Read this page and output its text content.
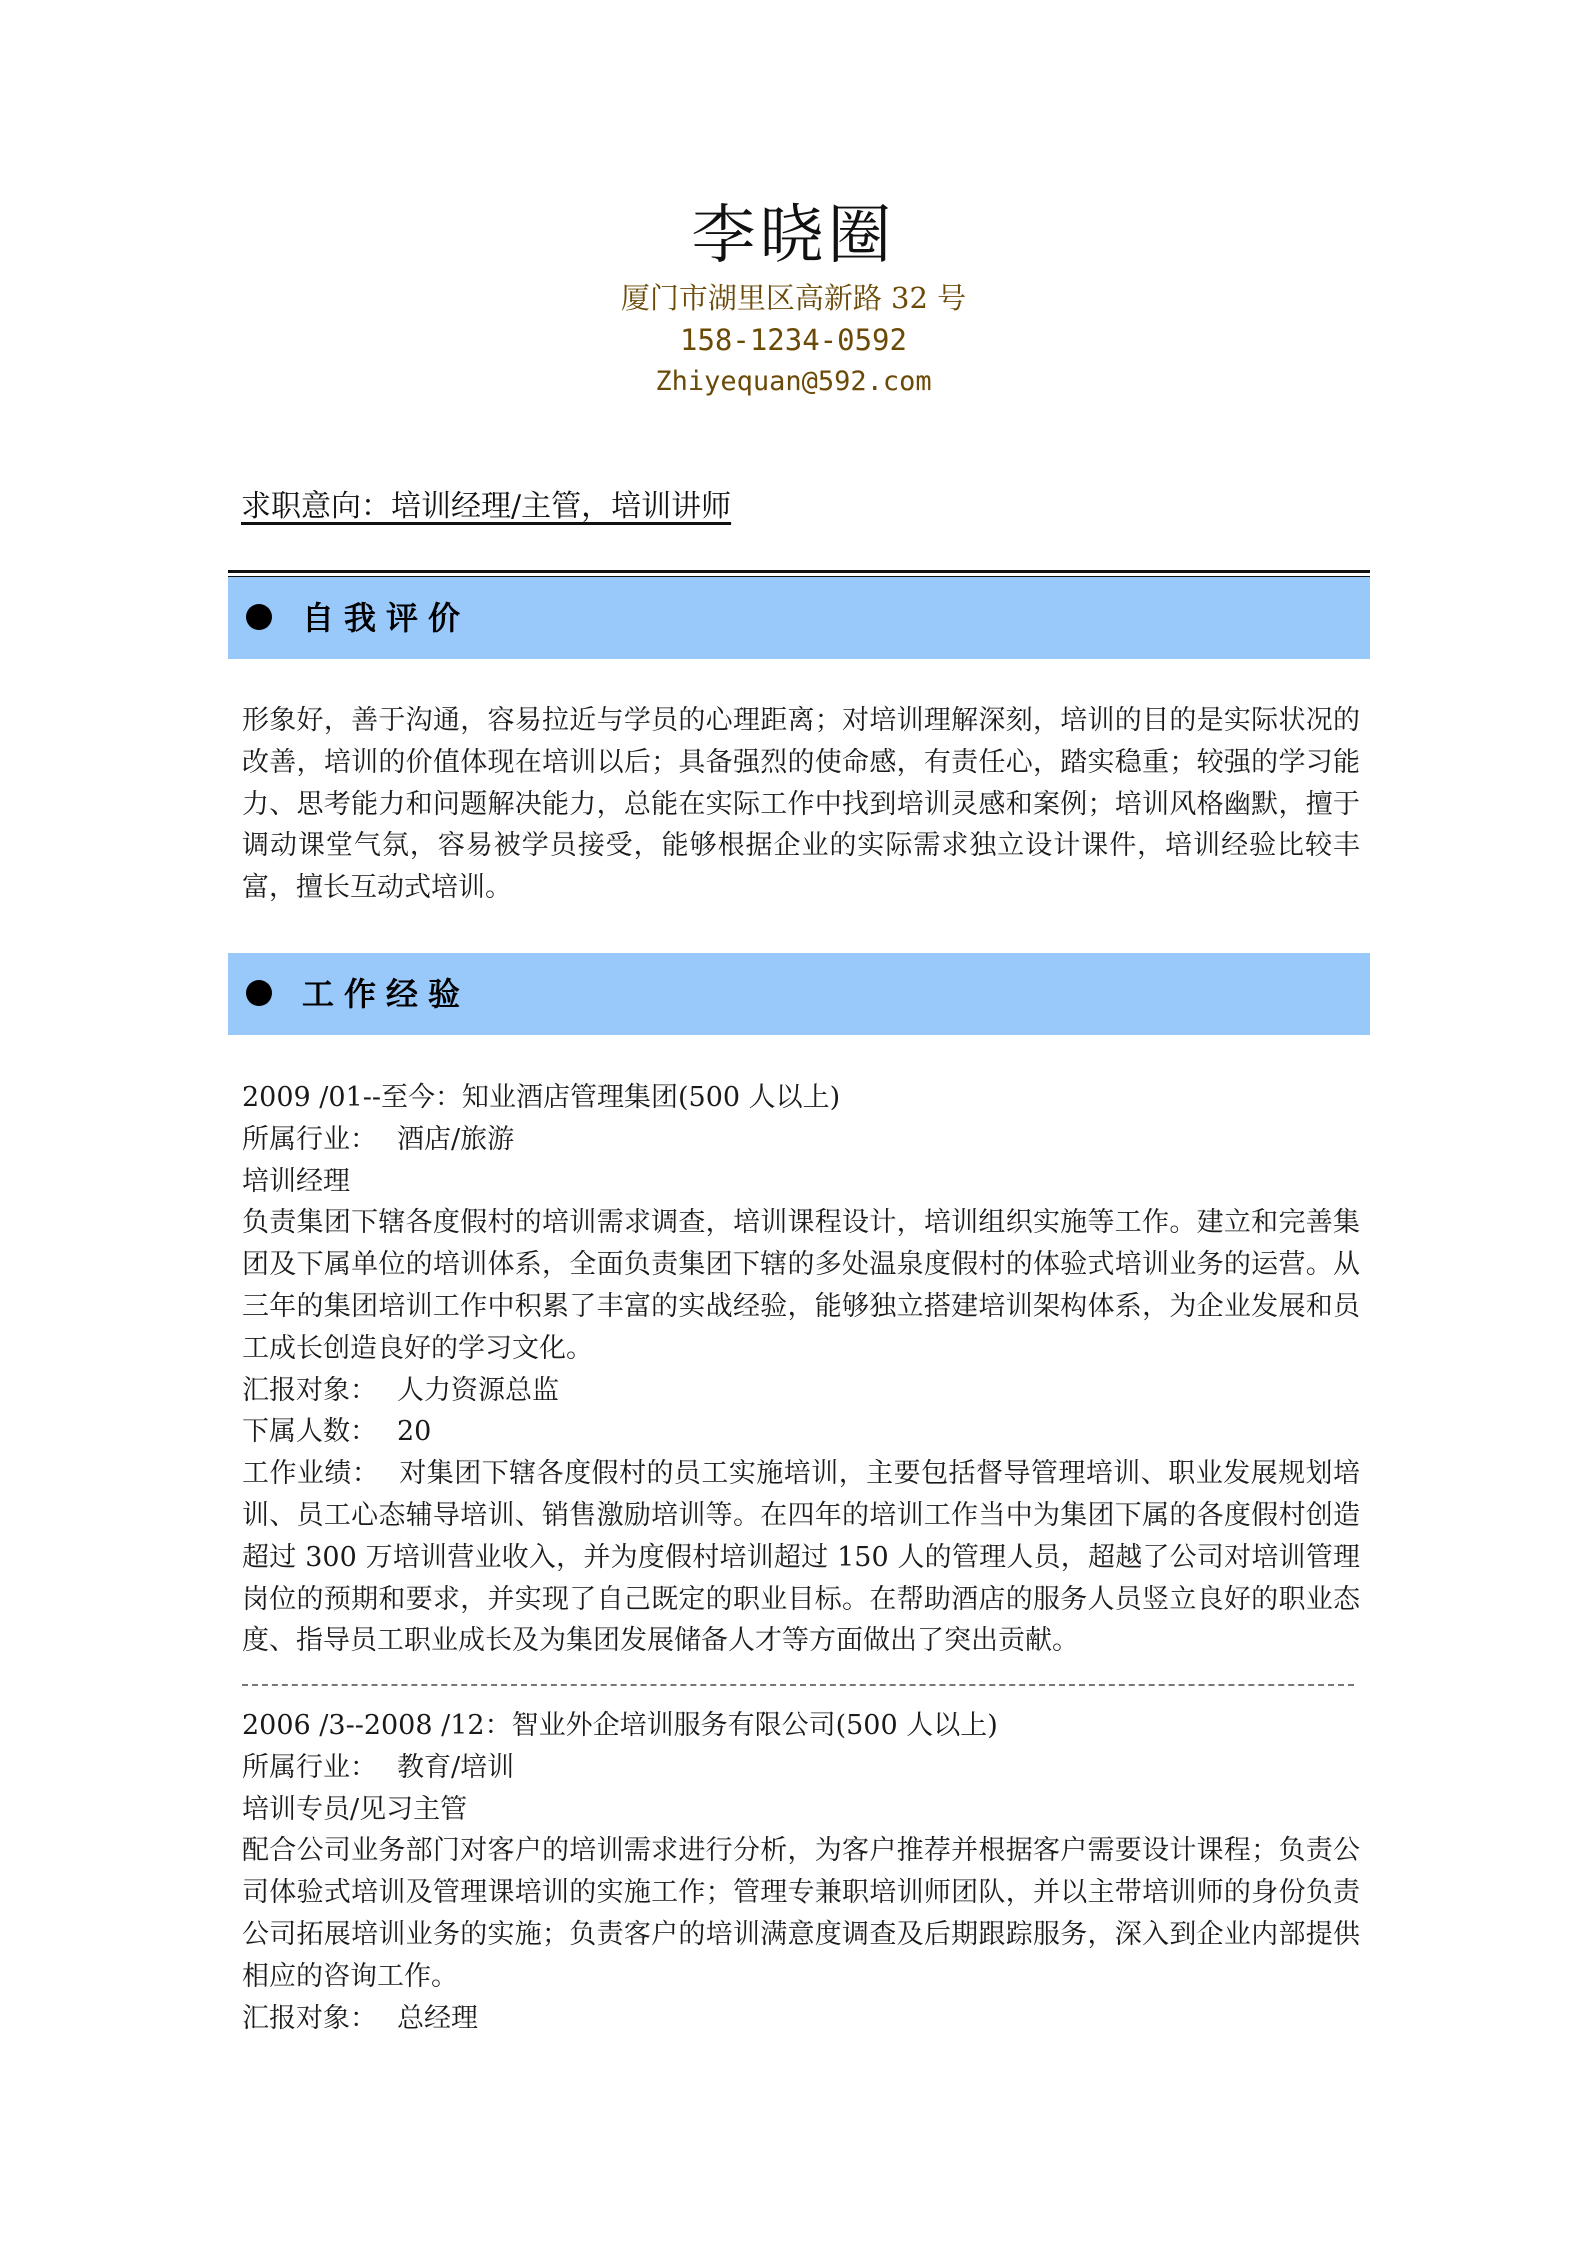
李晓圈
厦门市湖里区高新路 32 号
158-1234-0592
Zhiyequan@592.com
求职意向：培训经理/主管，培训讲师
自我评价
形象好，善于沟通，容易拉近与学员的心理距离；对培训理解深刻，培训的目的是实际状况的改善，培训的价值体现在培训以后；具备强烈的使命感，有责任心，踏实稳重；较强的学习能力、思考能力和问题解决能力，总能在实际工作中找到培训灵感和案例；培训风格幽默，擅于调动课堂气氛，容易被学员接受，能够根据企业的实际需求独立设计课件，培训经验比较丰富，擅长互动式培训。
工作经验
2009 /01--至今：知业酒店管理集团(500 人以上)
所属行业： 酒店/旅游
培训经理
负责集团下辖各度假村的培训需求调查，培训课程设计，培训组织实施等工作。建立和完善集团及下属单位的培训体系，全面负责集团下辖的多处温泉度假村的体验式培训业务的运营。从三年的集团培训工作中积累了丰富的实战经验，能够独立搭建培训架构体系，为企业发展和员工成长创造良好的学习文化。
汇报对象： 人力资源总监
下属人数： 20
工作业绩： 对集团下辖各度假村的员工实施培训，主要包括督导管理培训、职业发展规划培训、员工心态辅导培训、销售激励培训等。在四年的培训工作当中为集团下属的各度假村创造超过 300 万培训营业收入，并为度假村培训超过 150 人的管理人员，超越了公司对培训管理岗位的预期和要求，并实现了自己既定的职业目标。在帮助酒店的服务人员竖立良好的职业态度、指导员工职业成长及为集团发展储备人才等方面做出了突出贡献。
2006 /3--2008 /12：智业外企培训服务有限公司(500 人以上)
所属行业： 教育/培训
培训专员/见习主管
配合公司业务部门对客户的培训需求进行分析，为客户推荐并根据客户需要设计课程；负责公司体验式培训及管理课培训的实施工作；管理专兼职培训师团队，并以主带培训师的身份负责公司拓展培训业务的实施；负责客户的培训满意度调查及后期跟踪服务，深入到企业内部提供相应的咨询工作。
汇报对象： 总经理
